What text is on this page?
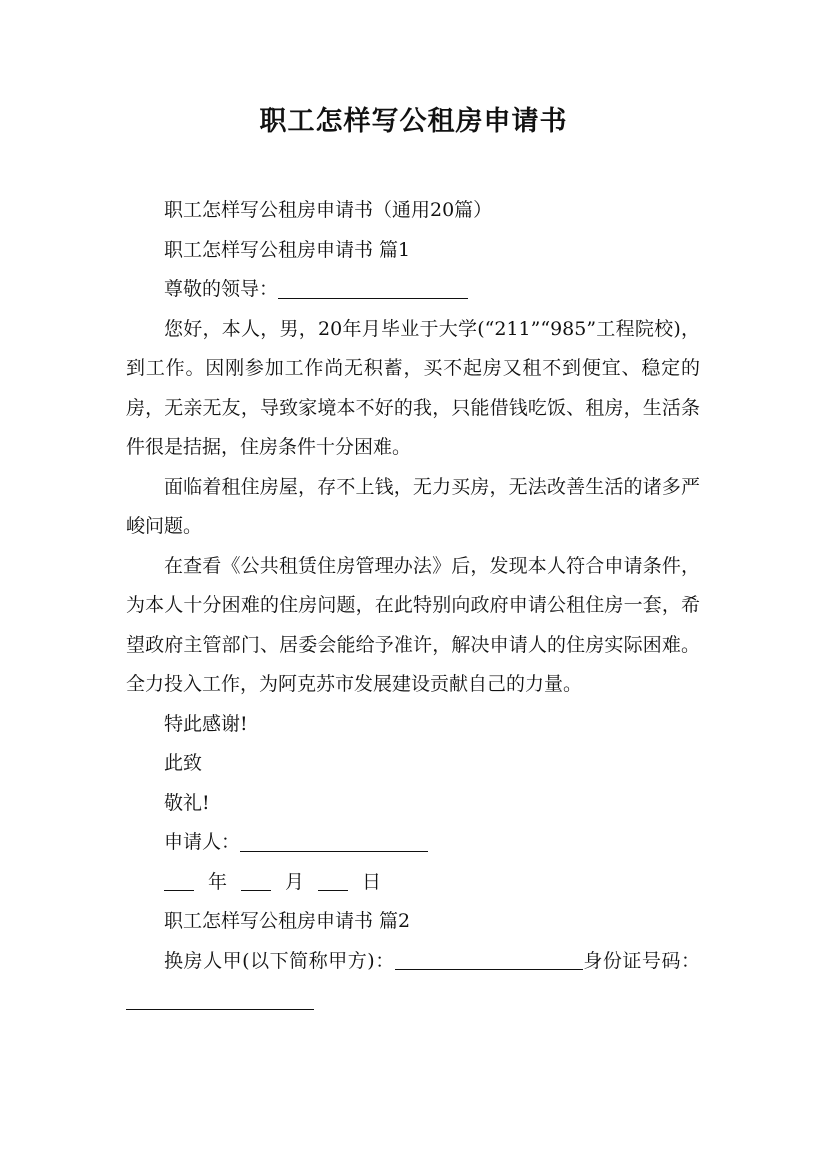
职工怎样写公租房申请书

职工怎样写公租房申请书（通用20篇）

职工怎样写公租房申请书 篇1

尊敬的领导：

您好，本人，男，20年月毕业于大学(“211”“985”工程院校)，到工作。因刚参加工作尚无积蓄，买不起房又租不到便宜、稳定的房，无亲无友，导致家境本不好的我，只能借钱吃饭、租房，生活条件很是拮据，住房条件十分困难。

面临着租住房屋，存不上钱，无力买房，无法改善生活的诸多严峻问题。

在查看《公共租赁住房管理办法》后，发现本人符合申请条件，为本人十分困难的住房问题，在此特别向政府申请公租住房一套，希望政府主管部门、居委会能给予准许，解决申请人的住房实际困难。全力投入工作，为阿克苏市发展建设贡献自己的力量。

特此感谢!

此致

敬礼!

申请人：

年	月	日

职工怎样写公租房申请书 篇2

换房人甲(以下简称甲方)：	身份证号码：
